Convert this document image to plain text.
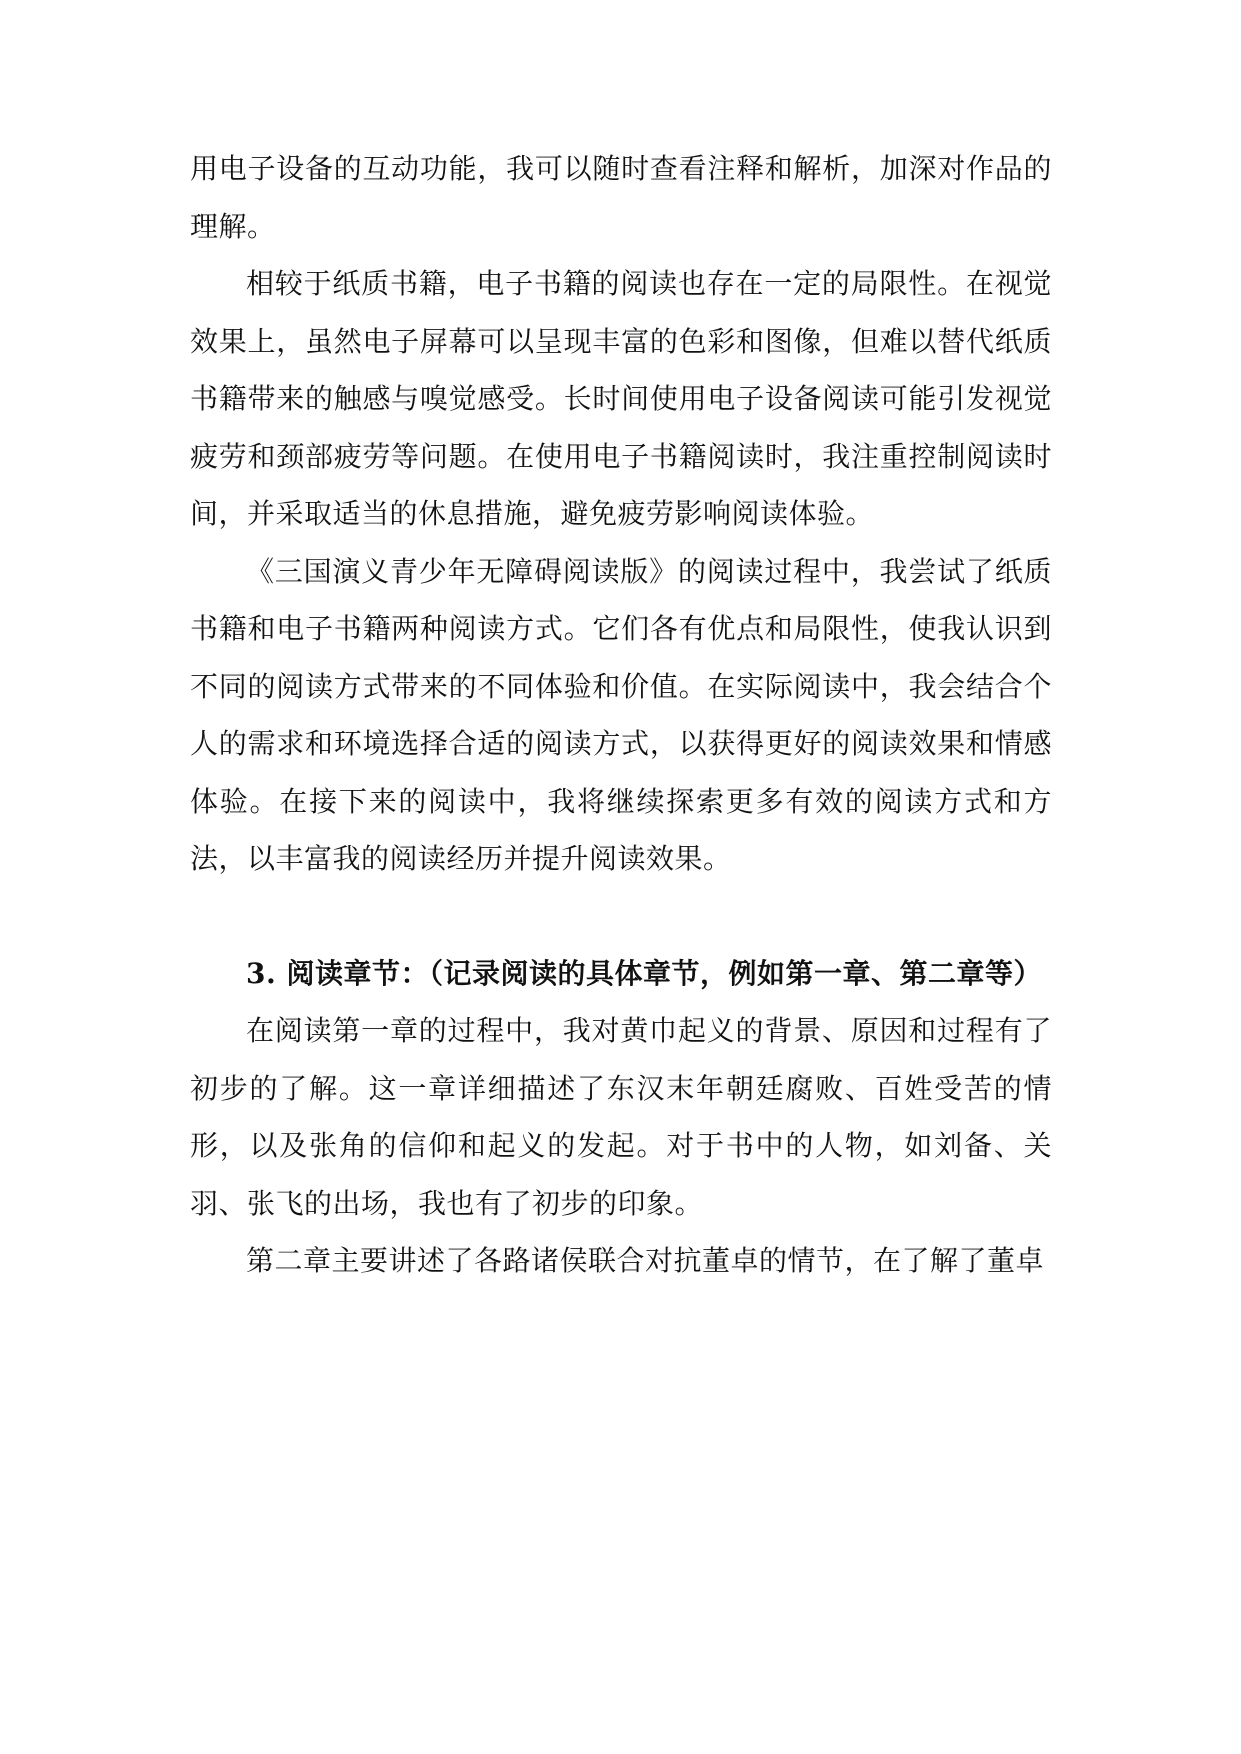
用电子设备的互动功能，我可以随时查看注释和解析，加深对作品的理解。

相较于纸质书籍，电子书籍的阅读也存在一定的局限性。在视觉效果上，虽然电子屏幕可以呈现丰富的色彩和图像，但难以替代纸质书籍带来的触感与嗅觉感受。长时间使用电子设备阅读可能引发视觉疲劳和颈部疲劳等问题。在使用电子书籍阅读时，我注重控制阅读时间，并采取适当的休息措施，避免疲劳影响阅读体验。

《三国演义青少年无障碍阅读版》的阅读过程中，我尝试了纸质书籍和电子书籍两种阅读方式。它们各有优点和局限性，使我认识到不同的阅读方式带来的不同体验和价值。在实际阅读中，我会结合个人的需求和环境选择合适的阅读方式，以获得更好的阅读效果和情感体验。在接下来的阅读中，我将继续探索更多有效的阅读方式和方法，以丰富我的阅读经历并提升阅读效果。

3. 阅读章节：（记录阅读的具体章节，例如第一章、第二章等）

在阅读第一章的过程中，我对黄巾起义的背景、原因和过程有了初步的了解。这一章详细描述了东汉末年朝廷腐败、百姓受苦的情形，以及张角的信仰和起义的发起。对于书中的人物，如刘备、关羽、张飞的出场，我也有了初步的印象。

第二章主要讲述了各路诸侯联合对抗董卓的情节，在了解了董卓
